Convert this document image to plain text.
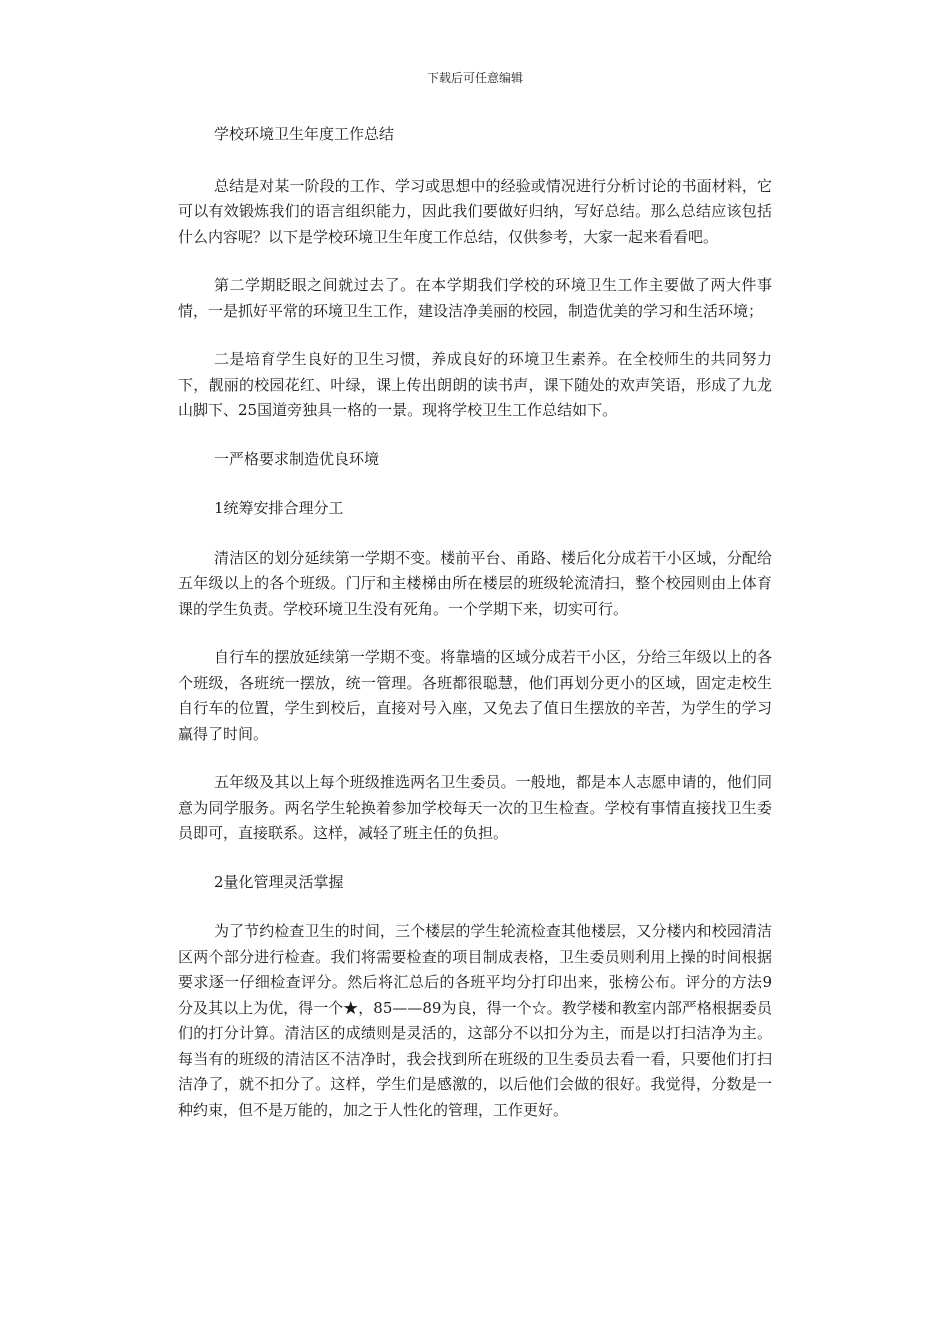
下载后可任意编辑

学校环境卫生年度工作总结

总结是对某一阶段的工作、学习或思想中的经验或情况进行分析讨论的书面材料，它可以有效锻炼我们的语言组织能力，因此我们要做好归纳，写好总结。那么总结应该包括什么内容呢？以下是学校环境卫生年度工作总结，仅供参考，大家一起来看看吧。

第二学期眨眼之间就过去了。在本学期我们学校的环境卫生工作主要做了两大件事情，一是抓好平常的环境卫生工作，建设洁净美丽的校园，制造优美的学习和生活环境；

二是培育学生良好的卫生习惯，养成良好的环境卫生素养。在全校师生的共同努力下，靓丽的校园花红、叶绿，课上传出朗朗的读书声，课下随处的欢声笑语，形成了九龙山脚下、25国道旁独具一格的一景。现将学校卫生工作总结如下。

一严格要求制造优良环境

1统筹安排合理分工

清洁区的划分延续第一学期不变。楼前平台、甬路、楼后化分成若干小区域，分配给五年级以上的各个班级。门厅和主楼梯由所在楼层的班级轮流清扫，整个校园则由上体育课的学生负责。学校环境卫生没有死角。一个学期下来，切实可行。

自行车的摆放延续第一学期不变。将靠墙的区域分成若干小区，分给三年级以上的各个班级，各班统一摆放，统一管理。各班都很聪慧，他们再划分更小的区域，固定走校生自行车的位置，学生到校后，直接对号入座，又免去了值日生摆放的辛苦，为学生的学习赢得了时间。

五年级及其以上每个班级推选两名卫生委员。一般地，都是本人志愿申请的，他们同意为同学服务。两名学生轮换着参加学校每天一次的卫生检查。学校有事情直接找卫生委员即可，直接联系。这样，减轻了班主任的负担。

2量化管理灵活掌握

为了节约检查卫生的时间，三个楼层的学生轮流检查其他楼层，又分楼内和校园清洁区两个部分进行检查。我们将需要检查的项目制成表格，卫生委员则利用上操的时间根据要求逐一仔细检查评分。然后将汇总后的各班平均分打印出来，张榜公布。评分的方法9分及其以上为优，得一个★，85——89为良，得一个☆。教学楼和教室内部严格根据委员们的打分计算。清洁区的成绩则是灵活的，这部分不以扣分为主，而是以打扫洁净为主。每当有的班级的清洁区不洁净时，我会找到所在班级的卫生委员去看一看，只要他们打扫洁净了，就不扣分了。这样，学生们是感激的，以后他们会做的很好。我觉得，分数是一种约束，但不是万能的，加之于人性化的管理，工作更好。
